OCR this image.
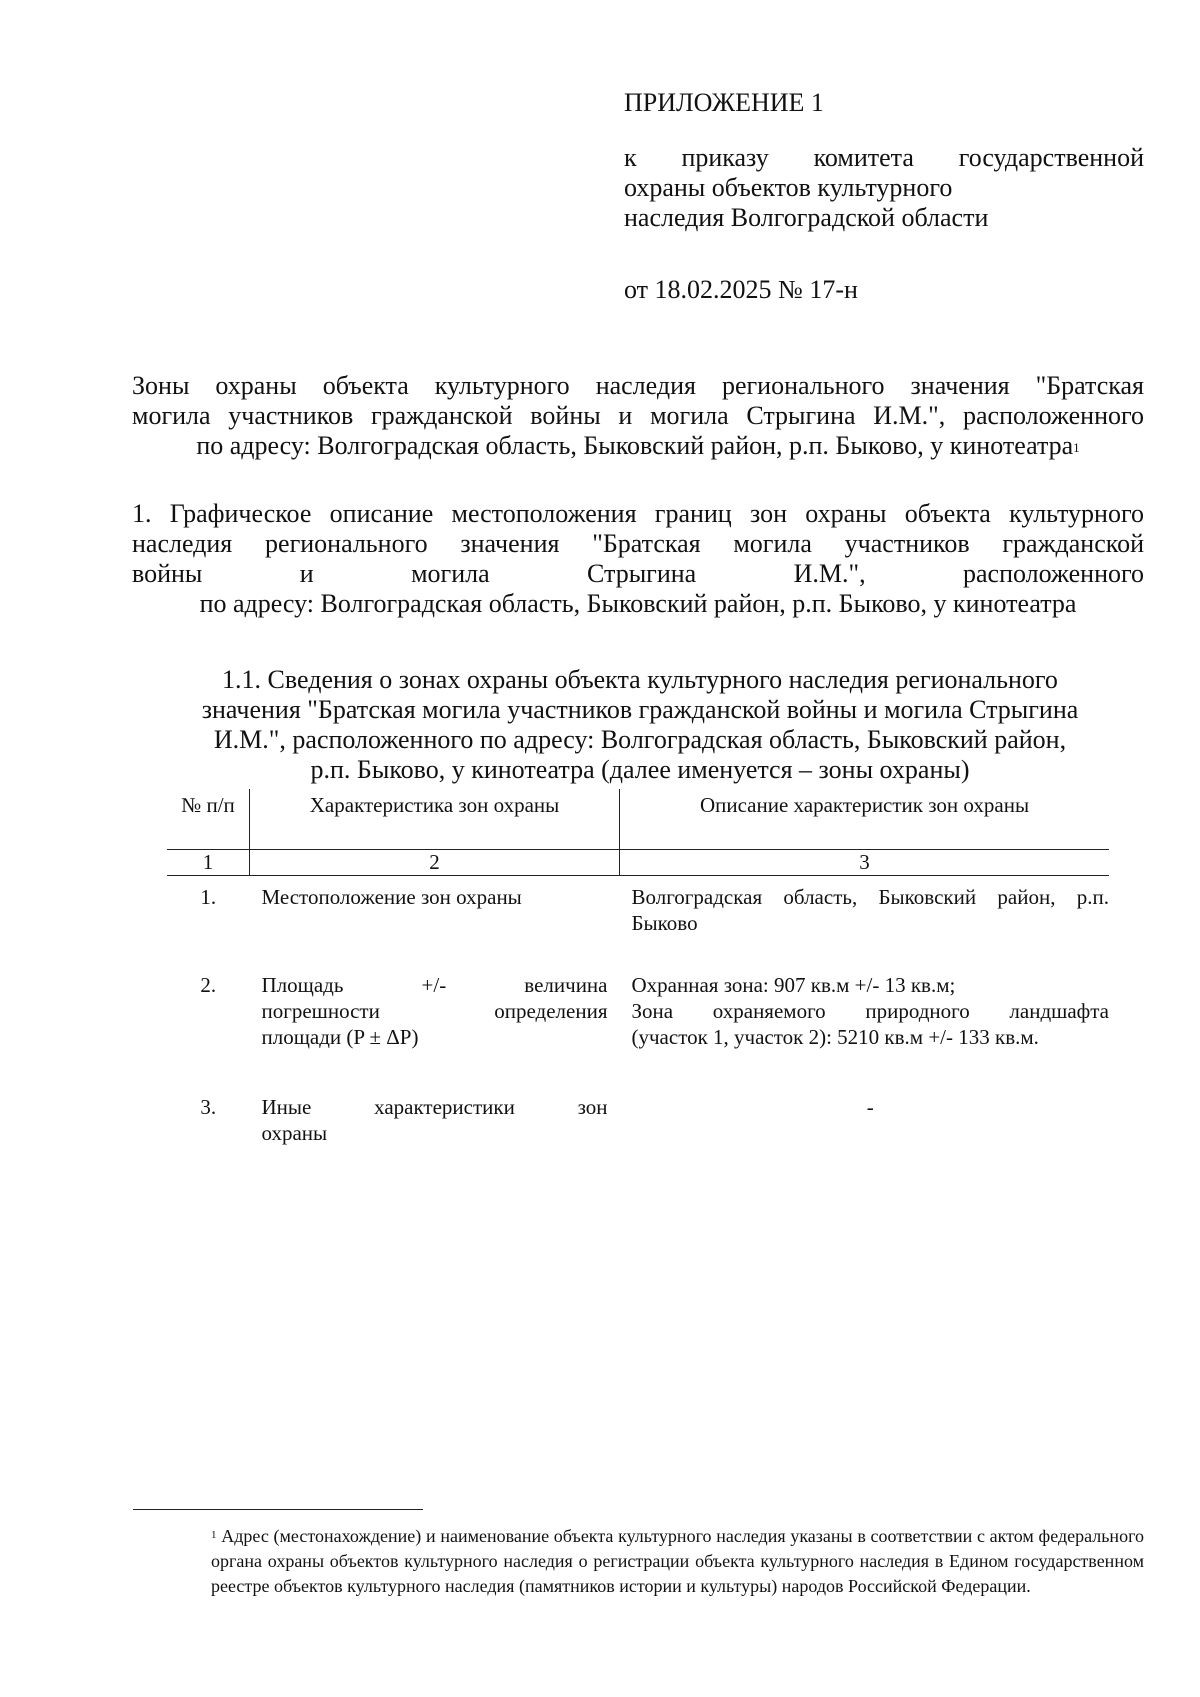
ПРИЛОЖЕНИЕ 1
к приказу комитета государственной
охраны объектов культурного
наследия Волгоградской области
от 18.02.2025 № 17-н
Зоны охраны объекта культурного наследия регионального значения "Братская
могила участников гражданской войны и могила Стрыгина И.М.", расположенного
по адресу: Волгоградская область, Быковский район, р.п. Быково, у кинотеатра$^1$
1. Графическое описание местоположения границ зон охраны объекта культурного
наследия регионального значения "Братская могила участников гражданской
войны и могила Стрыгина И.М.", расположенного
по адресу: Волгоградская область, Быковский район, р.п. Быково, у кинотеатра
1.1. Сведения о зонах охраны объекта культурного наследия регионального
значения "Братская могила участников гражданской войны и могила Стрыгина
И.М.", расположенного по адресу: Волгоградская область, Быковский район,
р.п. Быково, у кинотеатра (далее именуется – зоны охраны)
№ п/п	Характеристика зон охраны	Описание характеристик зон охраны
1	2	3
1.	Местоположение зон охраны	Волгоградская область, Быковский район, р.п. Быково
2.	Площадь +/- величина
погрешности определения
площади (P ± ΔP)	Охранная зона: 907 кв.м +/- 13 кв.м;
Зона охраняемого природного ландшафта
(участок 1, участок 2): 5210 кв.м +/- 133 кв.м.

3.	Иные характеристики зон
охраны	-
$^1$ Адрес (местонахождение) и наименование объекта культурного наследия указаны в соответствии с актом федерального органа охраны объектов культурного наследия о регистрации объекта культурного наследия в Едином государственном реестре объектов культурного наследия (памятников истории и культуры) народов Российской Федерации.
